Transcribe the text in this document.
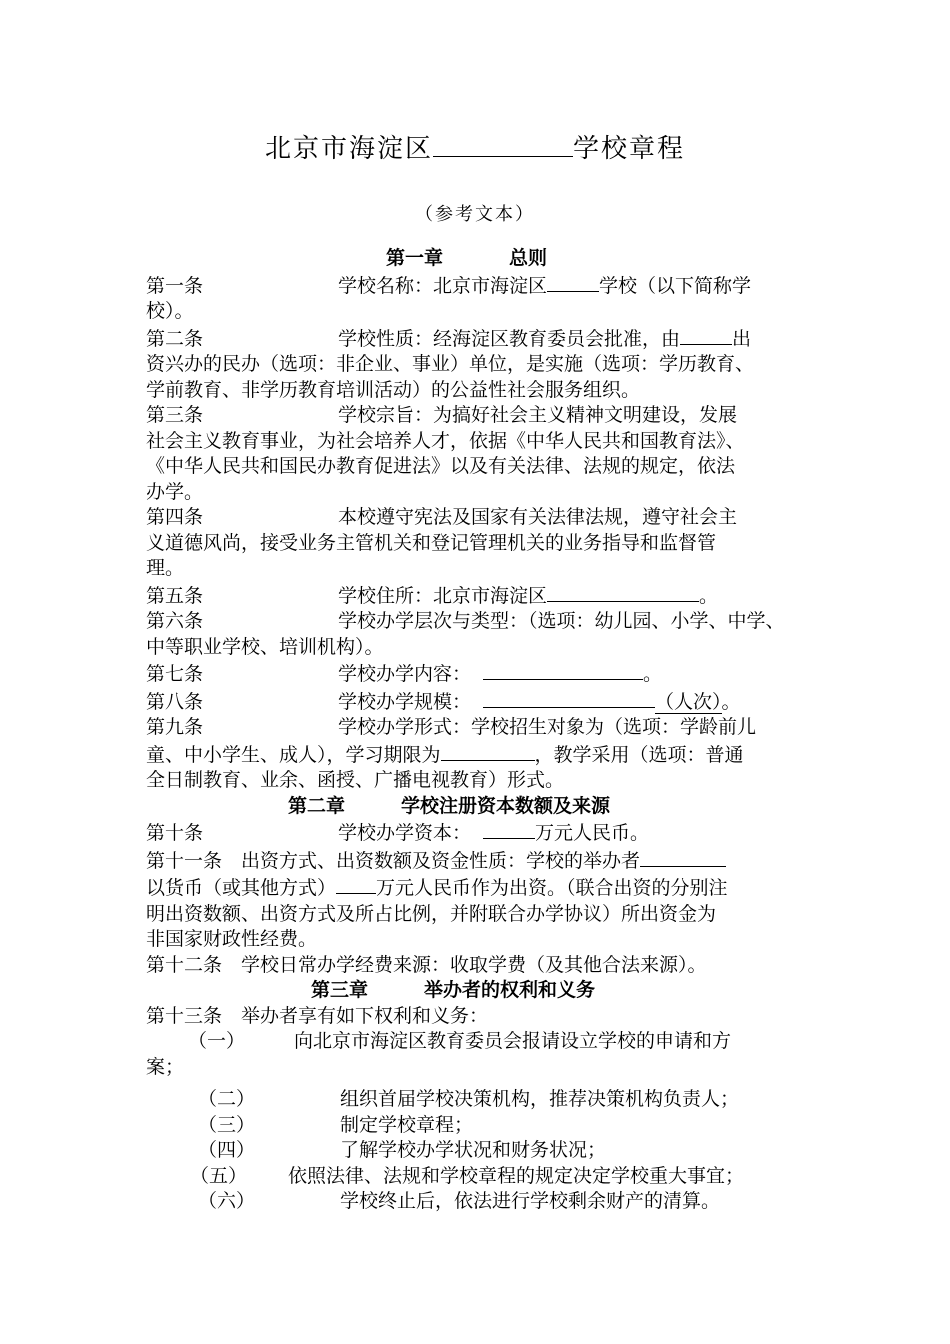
北京市海淀区	学校章程
（参考文本）
第一章	总则
第一条	学校名称：北京市海淀区	学校（以下简称学
校）。
第二条	学校性质：经海淀区教育委员会批准，由	出
资兴办的民办（选项：非企业、事业）单位，是实施（选项：学历教育、
学前教育、非学历教育培训活动）的公益性社会服务组织。
第三条	学校宗旨：为搞好社会主义精神文明建设，发展
社会主义教育事业，为社会培养人才，依据《中华人民共和国教育法》、
《中华人民共和国民办教育促进法》以及有关法律、法规的规定，依法
办学。
第四条	本校遵守宪法及国家有关法律法规，遵守社会主
义道德风尚，接受业务主管机关和登记管理机关的业务指导和监督管
理。
第五条	学校住所：北京市海淀区	。
第六条	学校办学层次与类型：（选项：幼儿园、小学、中学、
中等职业学校、培训机构）。
第七条	学校办学内容：	。
第八条	学校办学规模：	（人次）。
第九条	学校办学形式：学校招生对象为（选项：学龄前儿
童、中小学生、成人），学习期限为	，教学采用（选项：普通
全日制教育、业余、函授、广播电视教育）形式。
第二章	学校注册资本数额及来源
第十条	学校办学资本：	万元人民币。
第十一条　出资方式、出资数额及资金性质：学校的举办者
以货币（或其他方式） 万元人民币作为出资。（联合出资的分别注
明出资数额、出资方式及所占比例，并附联合办学协议）所出资金为
非国家财政性经费。
第十二条　学校日常办学经费来源：收取学费（及其他合法来源）。
第三章	举办者的权利和义务
第十三条　举办者享有如下权利和义务：
（一）	向北京市海淀区教育委员会报请设立学校的申请和方
案；
（二）	组织首届学校决策机构，推荐决策机构负责人；
（三）	制定学校章程；
（四）	了解学校办学状况和财务状况；
（五） 依照法律、法规和学校章程的规定决定学校重大事宜；
（六）	学校终止后，依法进行学校剩余财产的清算。
